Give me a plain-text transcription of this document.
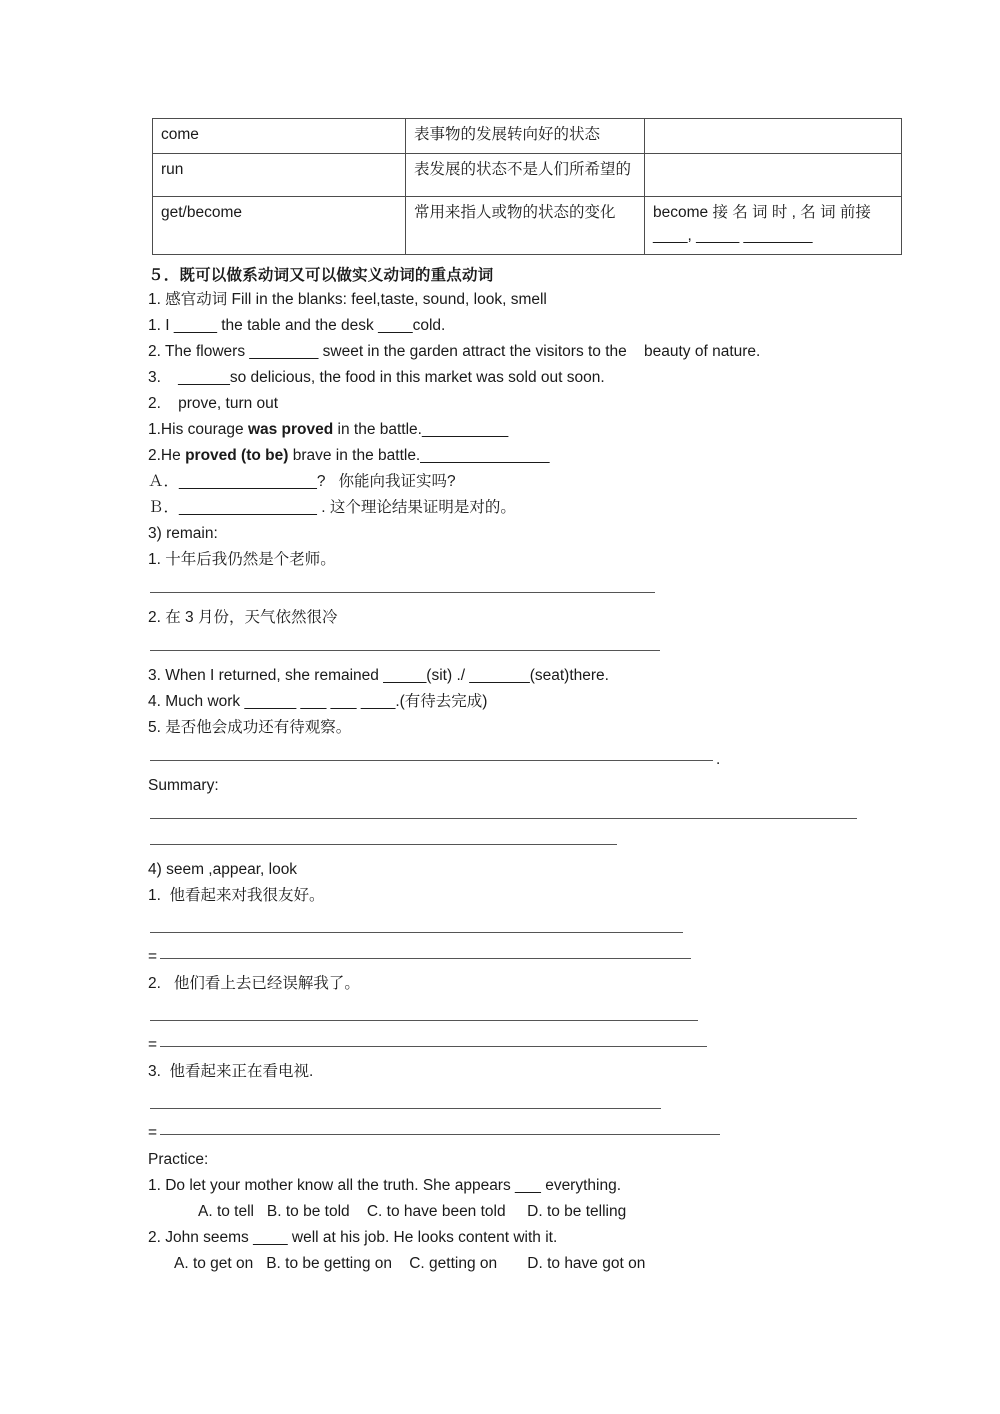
come	表事物的发展转向好的状态	
run	表发展的状态不是人们所希望的	
get/become	常用来指人或物的状态的变化	become 接 名 词 时 , 名 词 前接____, _____ ________
５．既可以做系动词又可以做实义动词的重点动词

1. 感官动词 Fill in the blanks: feel,taste, sound, look, smell

1. I _____ the table and the desk ____cold.

2. The flowers ________ sweet in the garden attract the visitors to the    beauty of nature.

3.    ______so delicious, the food in this market was sold out soon.

2.    prove, turn out

1.His courage was proved in the battle.__________

2.He proved (to be) brave in the battle._______________

Ａ．________________?   你能向我证实吗?

Ｂ．________________ . 这个理论结果证明是对的。

3) remain:

1. 十年后我仍然是个老师。

2. 在 3 月份，天气依然很冷

3. When I returned, she remained _____(sit) ./ _______(seat)there.

4. Much work ______ ___ ___ ____.(有待去完成)

5. 是否他会成功还有待观察。

.

Summary:

4) seem ,appear, look

1.  他看起来对我很友好。

=

2.   他们看上去已经误解我了。

=

3.  他看起来正在看电视.

=

Practice:

1. Do let your mother know all the truth. She appears ___ everything.

A. to tell   B. to be told    C. to have been told     D. to be telling

2. John seems ____ well at his job. He looks content with it.

A. to get on   B. to be getting on    C. getting on       D. to have got on
